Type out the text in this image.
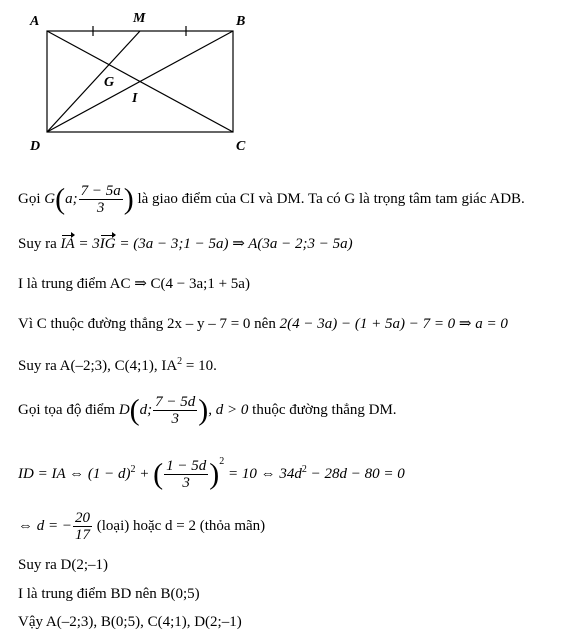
A	M	B
G
I
D	C
Gọi G(a; $\frac{7 - 5a}{3}$ ) là giao điểm của CI và DM. Ta có G là trọng tâm tam giác ADB.
Suy ra IA = 3IG = (3a − 3;1 − 5a) ⇒ A(3a − 2;3 − 5a)
I là trung điểm AC ⇒ C(4 − 3a;1 + 5a)
Vì C thuộc đường thẳng 2x – y – 7 = 0 nên 2(4 − 3a) − (1 + 5a) − 7 = 0 ⇒ a = 0
Suy ra A(–2;3), C(4;1), $IA^2 = 10$.
Gọi tọa độ điểm D(d; $\frac{7 - 5d}{3}$ ), d > 0 thuộc đường thẳng DM.
ID = IA ⇔ $(1 - d)^2$ + ( $\frac{1 - 5d}{3} )^2 = 10$ ⇔ $34d^2 - 28d - 80 = 0$
⇔ d = − $\frac{20}{17}$ (loại) hoặc d = 2 (thỏa mãn)
Suy ra D(2;–1)
I là trung điểm BD nên B(0;5)
Vậy A(–2;3), B(0;5), C(4;1), D(2;–1)
